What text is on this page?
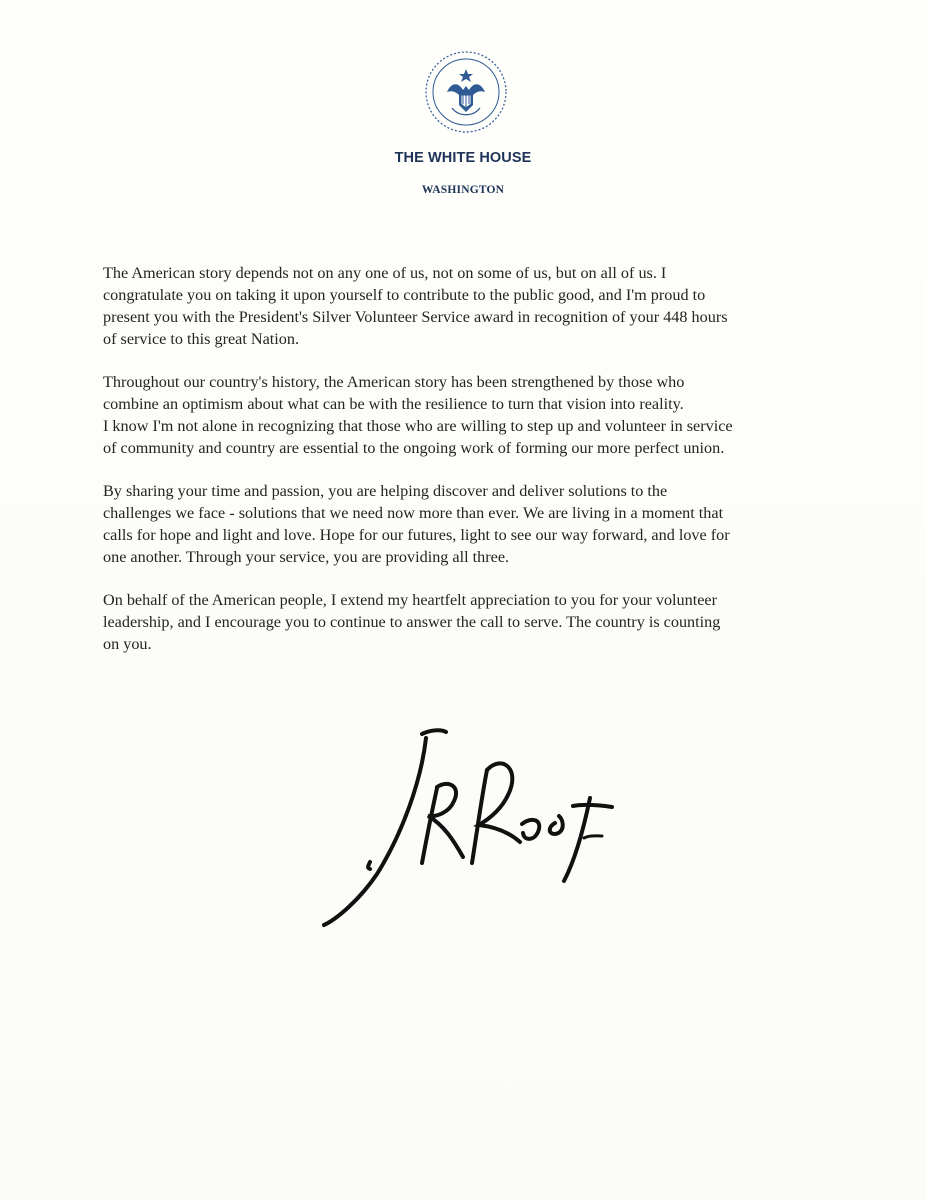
THE WHITE HOUSE
WASHINGTON

The American story depends not on any one of us, not on some of us, but on all of us. I
congratulate you on taking it upon yourself to contribute to the public good, and I'm proud to
present you with the President's Silver Volunteer Service award in recognition of your 448 hours
of service to this great Nation.

Throughout our country's history, the American story has been strengthened by those who
combine an optimism about what can be with the resilience to turn that vision into reality.
I know I'm not alone in recognizing that those who are willing to step up and volunteer in service
of community and country are essential to the ongoing work of forming our more perfect union.

By sharing your time and passion, you are helping discover and deliver solutions to the
challenges we face - solutions that we need now more than ever. We are living in a moment that
calls for hope and light and love. Hope for our futures, light to see our way forward, and love for
one another. Through your service, you are providing all three.

On behalf of the American people, I extend my heartfelt appreciation to you for your volunteer
leadership, and I encourage you to continue to answer the call to serve. The country is counting
on you.
